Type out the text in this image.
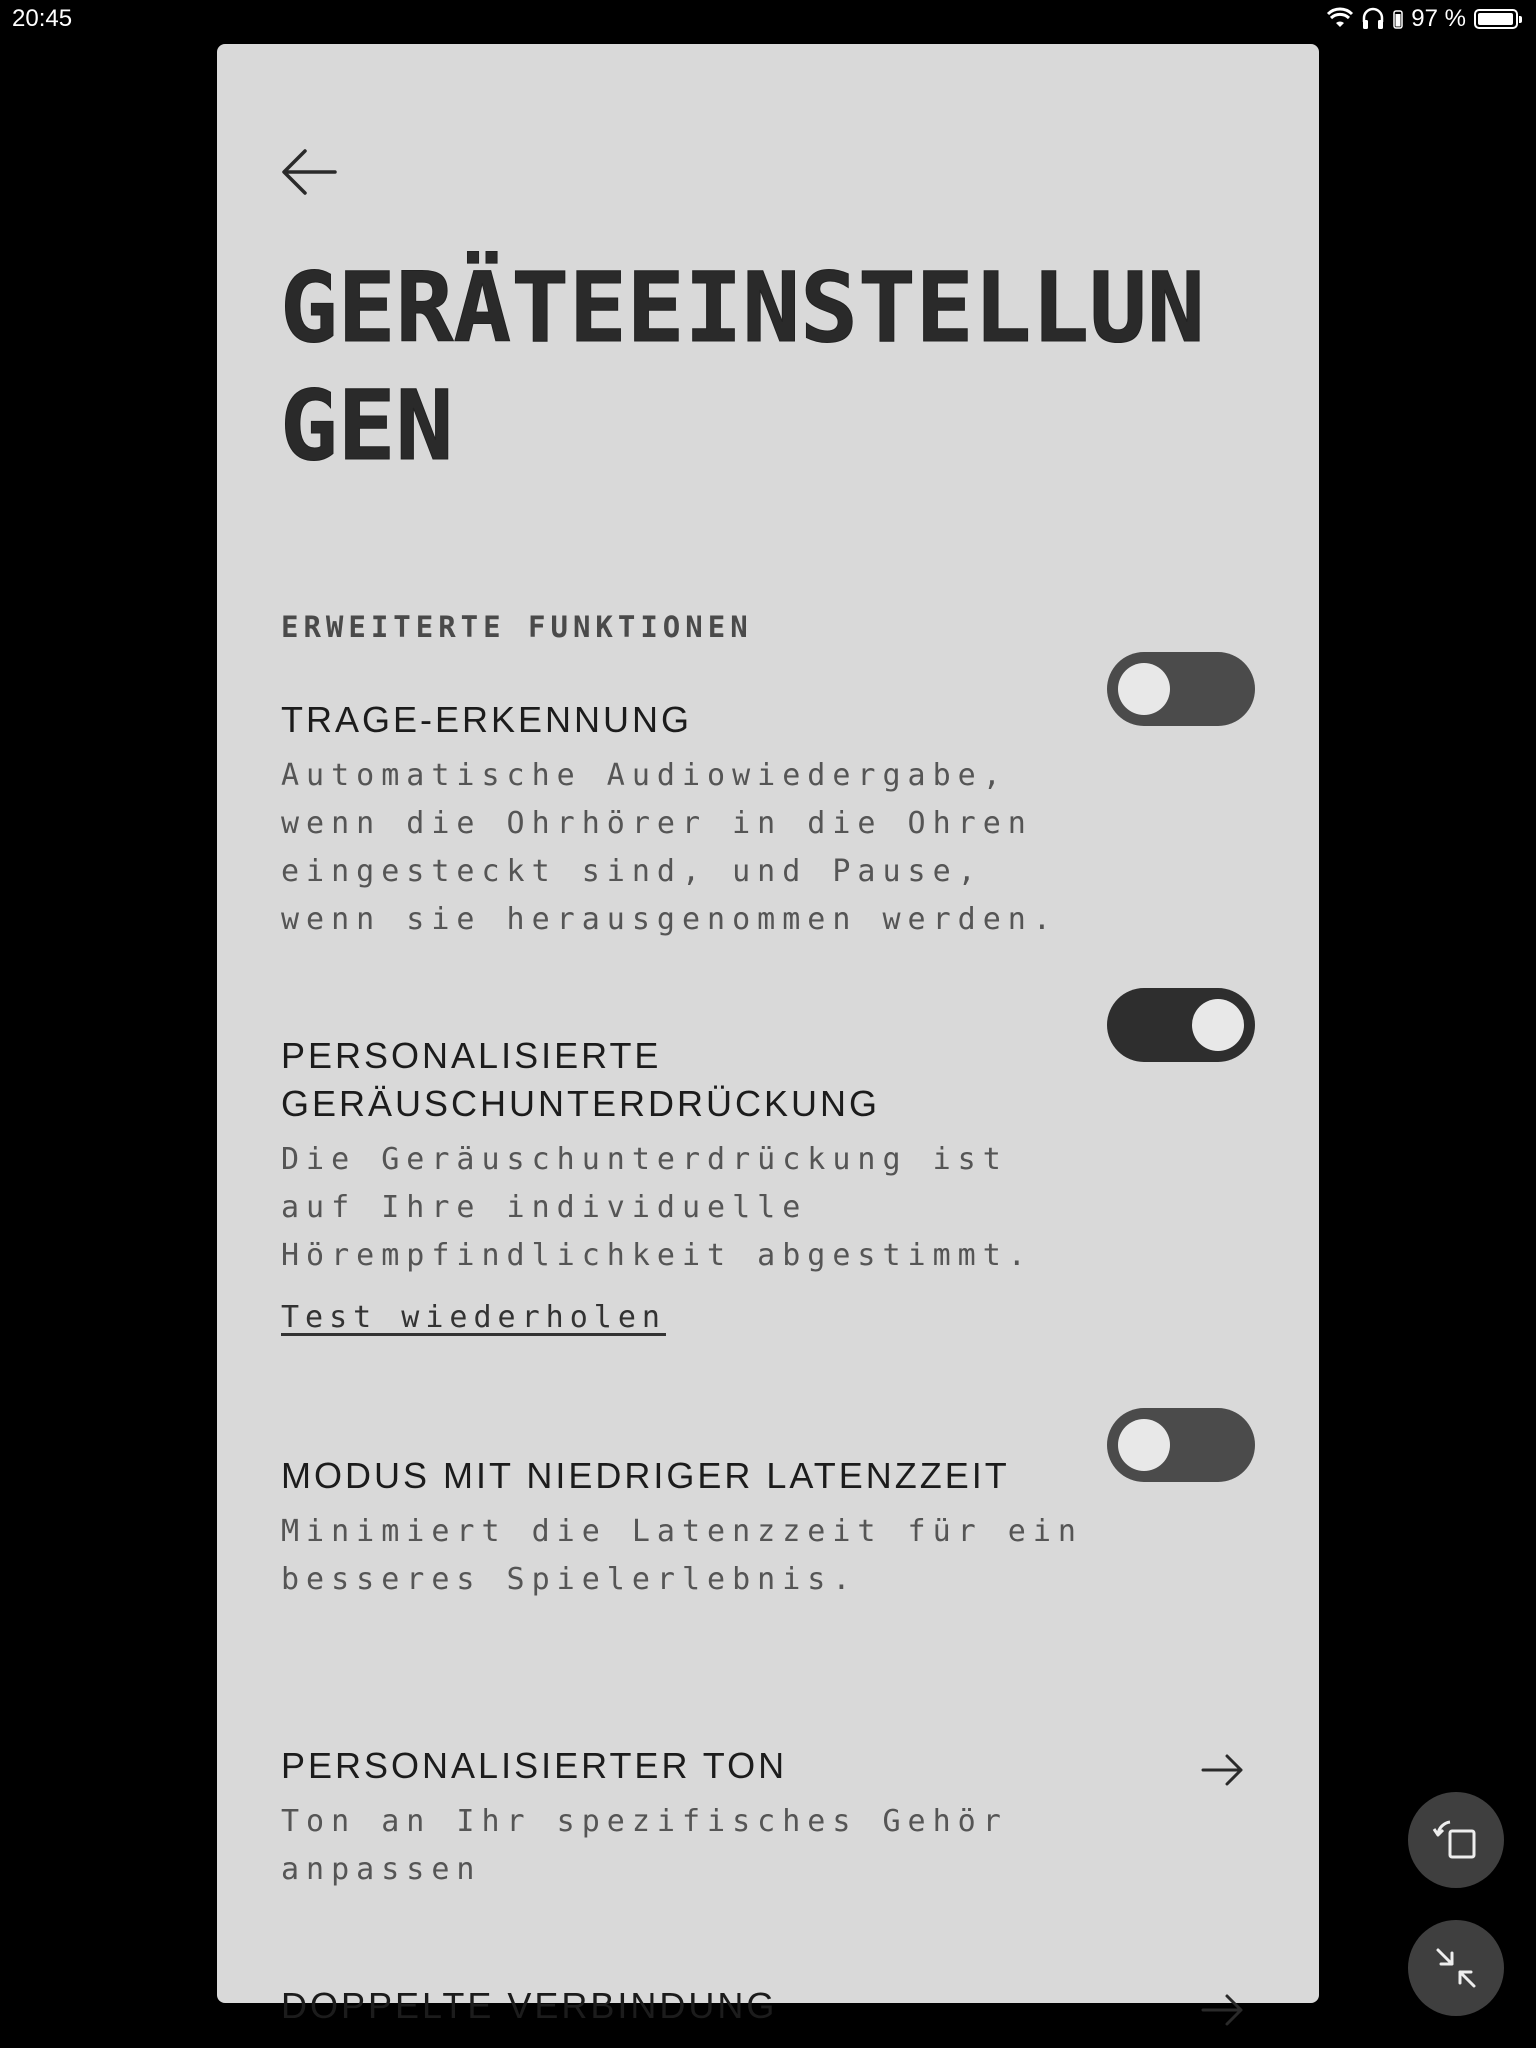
20:45	97 %
GERÄTEEINSTELLUNGEN
ERWEITERTE FUNKTIONEN

TRAGE-ERKENNUNG

Automatische Audiowiedergabe, wenn die Ohrhörer in die Ohren eingesteckt sind, und Pause, wenn sie herausgenommen werden.

PERSONALISIERTE GERÄUSCHUNTERDRÜCKUNG

Die Geräuschunterdrückung ist auf Ihre individuelle Hörempfindlichkeit abgestimmt.

Test wiederholen

MODUS MIT NIEDRIGER LATENZZEIT

Minimiert die Latenzzeit für ein besseres Spielerlebnis.

PERSONALISIERTER TON

Ton an Ihr spezifisches Gehör anpassen

DOPPELTE VERBINDUNG
